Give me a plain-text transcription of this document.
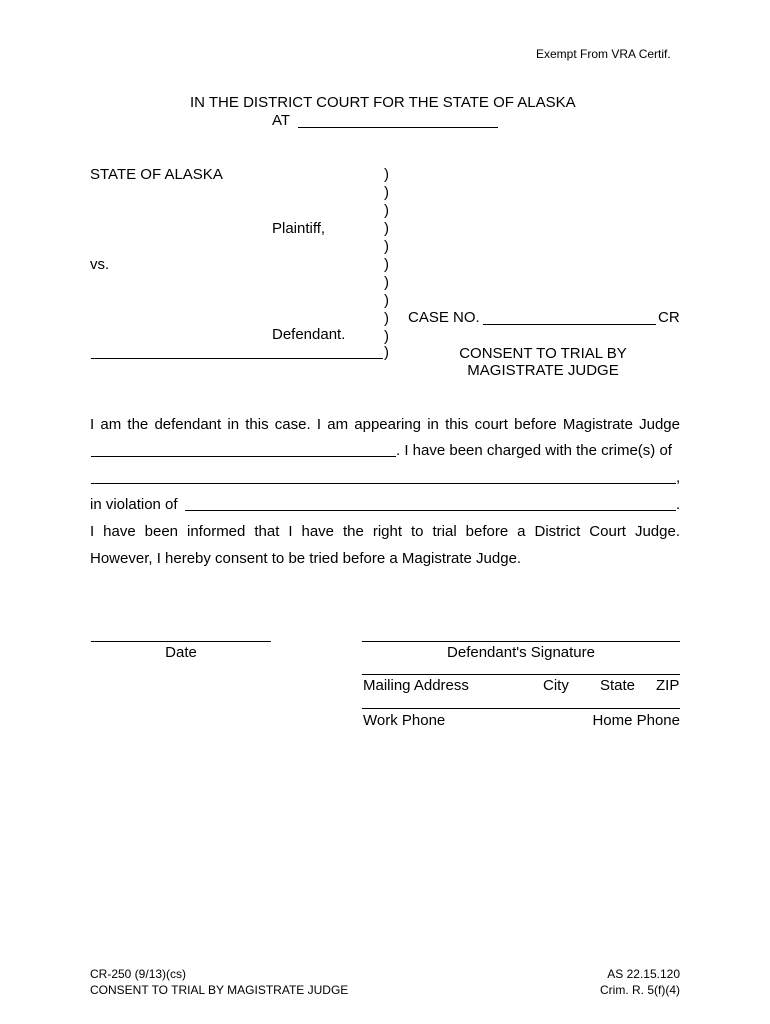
Exempt From VRA Certif.
IN THE DISTRICT COURT FOR THE STATE OF ALASKA
AT
STATE OF ALASKA
Plaintiff,
vs.
Defendant.
)
)
)
)
)
)
)
)
)
)
)
CASE NO.	CR
CONSENT TO TRIAL BY
MAGISTRATE JUDGE
I am the defendant in this case. I am appearing in this court before Magistrate Judge
. I have been charged with the crime(s) of
,
in violation of	.
I have been informed that I have the right to trial before a District Court Judge.
However, I hereby consent to be tried before a Magistrate Judge.
Date	Defendant's Signature
Mailing Address	City State ZIP
Work Phone	Home Phone
CR-250 (9/13)(cs)
CONSENT TO TRIAL BY MAGISTRATE JUDGE
AS 22.15.120
Crim. R. 5(f)(4)
